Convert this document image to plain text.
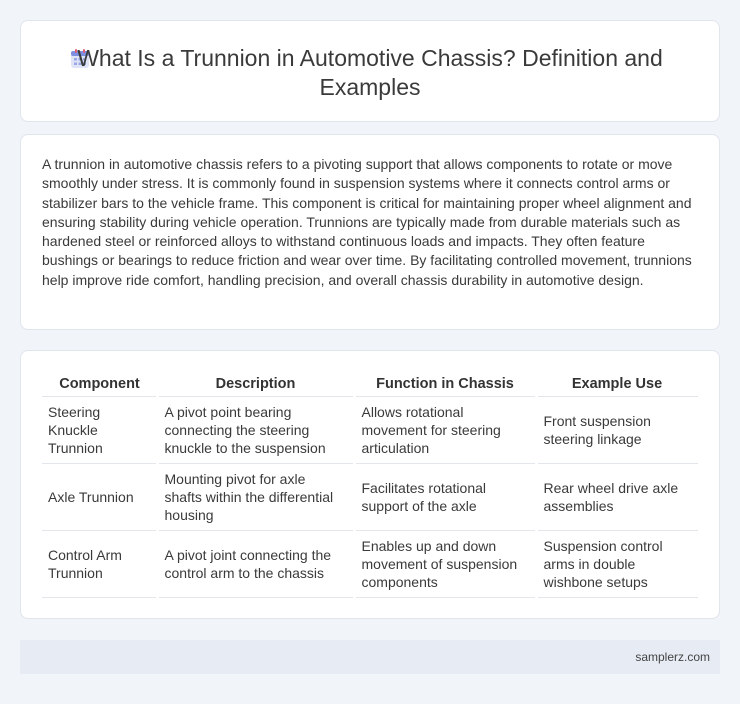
What Is a Trunnion in Automotive Chassis? Definition and Examples

A trunnion in automotive chassis refers to a pivoting support that allows components to rotate or move smoothly under stress. It is commonly found in suspension systems where it connects control arms or stabilizer bars to the vehicle frame. This component is critical for maintaining proper wheel alignment and ensuring stability during vehicle operation. Trunnions are typically made from durable materials such as hardened steel or reinforced alloys to withstand continuous loads and impacts. They often feature bushings or bearings to reduce friction and wear over time. By facilitating controlled movement, trunnions help improve ride comfort, handling precision, and overall chassis durability in automotive design.

Component	Description	Function in Chassis	Example Use
Steering Knuckle Trunnion	A pivot point bearing connecting the steering knuckle to the suspension	Allows rotational movement for steering articulation	Front suspension steering linkage
Axle Trunnion	Mounting pivot for axle shafts within the differential housing	Facilitates rotational support of the axle	Rear wheel drive axle assemblies
Control Arm Trunnion	A pivot joint connecting the control arm to the chassis	Enables up and down movement of suspension components	Suspension control arms in double wishbone setups
samplerz.com
